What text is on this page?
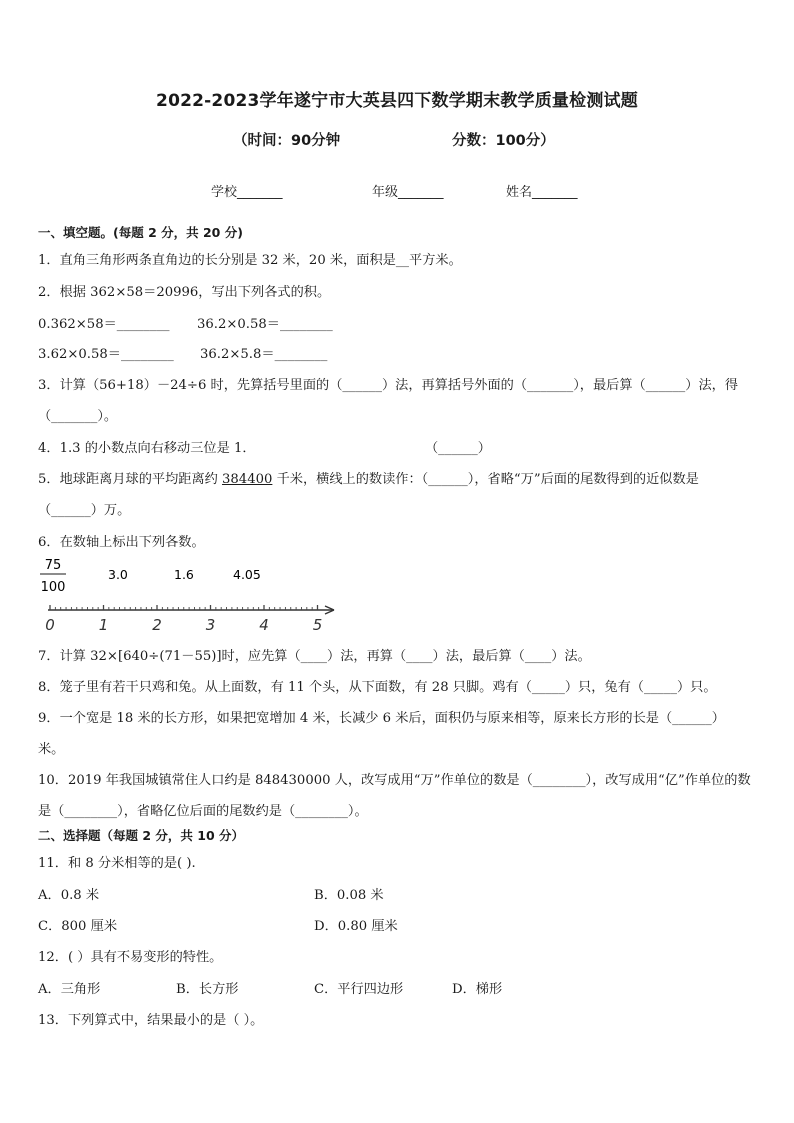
2022-2023学年遂宁市大英县四下数学期末教学质量检测试题
（时间：90分钟	分数：100分）
学校_______	年级_______	姓名_______
一、填空题。(每题 2 分，共 20 分)
1．直角三角形两条直角边的长分别是 32 米，20 米，面积是__平方米。
2．根据 362×58＝20996，写出下列各式的积。
0.362×58＝________ 36.2×0.58＝________
3.62×0.58＝________ 36.2×5.8＝________
3．计算（56+18）－24÷6 时，先算括号里面的（______）法，再算括号外面的（_______），最后算（______）法，得
（_______）。
4．1.3 的小数点向右移动三位是 1．	（______）
5．地球距离月球的平均距离约 384400 千米，横线上的数读作：（______），省略“万”后面的尾数得到的近似数是
（______）万。
6．在数轴上标出下列各数。
75
100
3.0	1.6	4.05
0	1	2	3	4	5
7．计算 32×[640÷(71－55)]时，应先算（____）法，再算（____）法，最后算（____）法。
8．笼子里有若干只鸡和兔。从上面数，有 11 个头，从下面数，有 28 只脚。鸡有（_____）只，兔有（_____）只。
9．一个宽是 18 米的长方形，如果把宽增加 4 米，长减少 6 米后，面积仍与原来相等，原来长方形的长是（______）
米。
10．2019 年我国城镇常住人口约是 848430000 人，改写成用“万”作单位的数是（________），改写成用“亿”作单位的数
是（________），省略亿位后面的尾数约是（________）。
二、选择题（每题 2 分，共 10 分）
11．和 8 分米相等的是( ).
A．0.8 米	B．0.08 米
C．800 厘米	D．0.80 厘米
12．( ）具有不易变形的特性。
A．三角形	B．长方形	C．平行四边形	D．梯形
13．下列算式中，结果最小的是（ ）。
